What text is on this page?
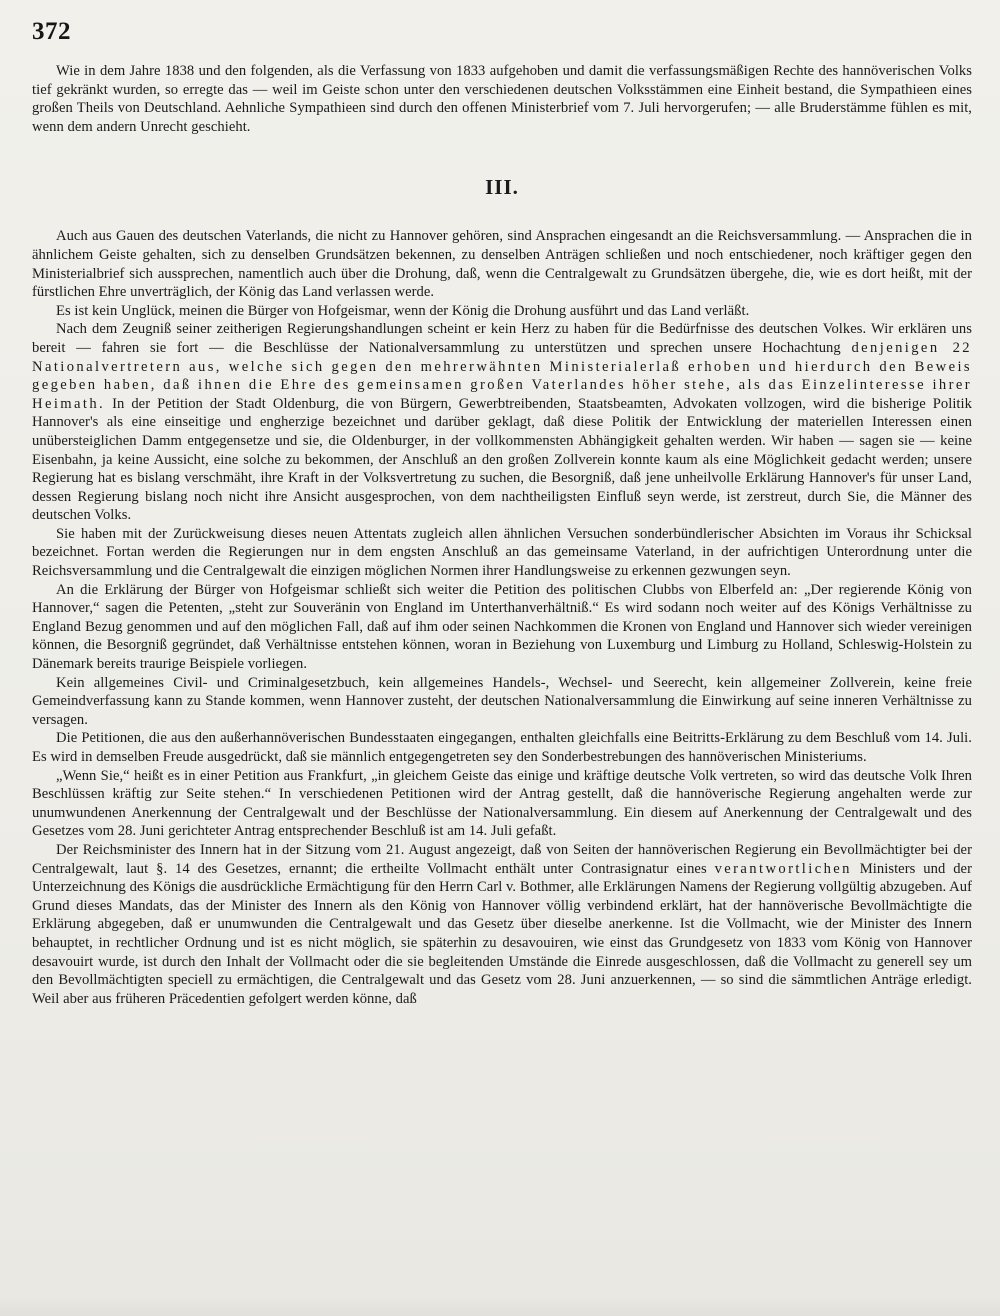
372

Wie in dem Jahre 1838 und den folgenden, als die Verfassung von 1833 aufgehoben und damit die verfassungsmäßigen Rechte des hannöverischen Volks tief gekränkt wurden, so erregte das — weil im Geiste schon unter den verschiedenen deutschen Volksstämmen eine Einheit bestand, die Sympathieen eines großen Theils von Deutschland. Aehnliche Sympathieen sind durch den offenen Ministerbrief vom 7. Juli hervorgerufen; — alle Bruderstämme fühlen es mit, wenn dem andern Unrecht geschieht.

III.

Auch aus Gauen des deutschen Vaterlands, die nicht zu Hannover gehören, sind Ansprachen eingesandt an die Reichsversammlung. — Ansprachen die in ähnlichem Geiste gehalten, sich zu denselben Grundsätzen bekennen, zu denselben Anträgen schließen und noch entschiedener, noch kräftiger gegen den Ministerialbrief sich aussprechen, namentlich auch über die Drohung, daß, wenn die Centralgewalt zu Grundsätzen übergehe, die, wie es dort heißt, mit der fürstlichen Ehre unverträglich, der König das Land verlassen werde.

Es ist kein Unglück, meinen die Bürger von Hofgeismar, wenn der König die Drohung ausführt und das Land verläßt.

Nach dem Zeugniß seiner zeitherigen Regierungshandlungen scheint er kein Herz zu haben für die Bedürfnisse des deutschen Volkes. Wir erklären uns bereit — fahren sie fort — die Beschlüsse der Nationalversammlung zu unterstützen und sprechen unsere Hochachtung denjenigen 22 Nationalvertretern aus, welche sich gegen den mehrerwähnten Ministerialerlaß erhoben und hierdurch den Beweis gegeben haben, daß ihnen die Ehre des gemeinsamen großen Vaterlandes höher stehe, als das Einzelinteresse ihrer Heimath. In der Petition der Stadt Oldenburg, die von Bürgern, Gewerbtreibenden, Staatsbeamten, Advokaten vollzogen, wird die bisherige Politik Hannover's als eine einseitige und engherzige bezeichnet und darüber geklagt, daß diese Politik der Entwicklung der materiellen Interessen einen unübersteiglichen Damm entgegensetze und sie, die Oldenburger, in der vollkommensten Abhängigkeit gehalten werden. Wir haben — sagen sie — keine Eisenbahn, ja keine Aussicht, eine solche zu bekommen, der Anschluß an den großen Zollverein konnte kaum als eine Möglichkeit gedacht werden; unsere Regierung hat es bislang verschmäht, ihre Kraft in der Volksvertretung zu suchen, die Besorgniß, daß jene unheilvolle Erklärung Hannover's für unser Land, dessen Regierung bislang noch nicht ihre Ansicht ausgesprochen, von dem nachtheiligsten Einfluß seyn werde, ist zerstreut, durch Sie, die Männer des deutschen Volks.

Sie haben mit der Zurückweisung dieses neuen Attentats zugleich allen ähnlichen Versuchen sonderbündlerischer Absichten im Voraus ihr Schicksal bezeichnet. Fortan werden die Regierungen nur in dem engsten Anschluß an das gemeinsame Vaterland, in der aufrichtigen Unterordnung unter die Reichsversammlung und die Centralgewalt die einzigen möglichen Normen ihrer Handlungsweise zu erkennen gezwungen seyn.

An die Erklärung der Bürger von Hofgeismar schließt sich weiter die Petition des politischen Clubbs von Elberfeld an: „Der regierende König von Hannover,“ sagen die Petenten, „steht zur Souveränin von England im Unterthanverhältniß.“ Es wird sodann noch weiter auf des Königs Verhältnisse zu England Bezug genommen und auf den möglichen Fall, daß auf ihm oder seinen Nachkommen die Kronen von England und Hannover sich wieder vereinigen können, die Besorgniß gegründet, daß Verhältnisse entstehen können, woran in Beziehung von Luxemburg und Limburg zu Holland, Schleswig-Holstein zu Dänemark bereits traurige Beispiele vorliegen.

Kein allgemeines Civil- und Criminalgesetzbuch, kein allgemeines Handels-, Wechsel- und Seerecht, kein allgemeiner Zollverein, keine freie Gemeindverfassung kann zu Stande kommen, wenn Hannover zusteht, der deutschen Nationalversammlung die Einwirkung auf seine inneren Verhältnisse zu versagen.

Die Petitionen, die aus den außerhannöverischen Bundesstaaten eingegangen, enthalten gleichfalls eine Beitritts-Erklärung zu dem Beschluß vom 14. Juli. Es wird in demselben Freude ausgedrückt, daß sie männlich entgegengetreten sey den Sonderbestrebungen des hannöverischen Ministeriums.

„Wenn Sie,“ heißt es in einer Petition aus Frankfurt, „in gleichem Geiste das einige und kräftige deutsche Volk vertreten, so wird das deutsche Volk Ihren Beschlüssen kräftig zur Seite stehen.“ In verschiedenen Petitionen wird der Antrag gestellt, daß die hannöverische Regierung angehalten werde zur unumwundenen Anerkennung der Centralgewalt und der Beschlüsse der Nationalversammlung. Ein diesem auf Anerkennung der Centralgewalt und des Gesetzes vom 28. Juni gerichteter Antrag entsprechender Beschluß ist am 14. Juli gefaßt.

Der Reichsminister des Innern hat in der Sitzung vom 21. August angezeigt, daß von Seiten der hannöverischen Regierung ein Bevollmächtigter bei der Centralgewalt, laut §. 14 des Gesetzes, ernannt; die ertheilte Vollmacht enthält unter Contrasignatur eines verantwortlichen Ministers und der Unterzeichnung des Königs die ausdrückliche Ermächtigung für den Herrn Carl v. Bothmer, alle Erklärungen Namens der Regierung vollgültig abzugeben. Auf Grund dieses Mandats, das der Minister des Innern als den König von Hannover völlig verbindend erklärt, hat der hannöverische Bevollmächtigte die Erklärung abgegeben, daß er unumwunden die Centralgewalt und das Gesetz über dieselbe anerkenne. Ist die Vollmacht, wie der Minister des Innern behauptet, in rechtlicher Ordnung und ist es nicht möglich, sie späterhin zu desavouiren, wie einst das Grundgesetz von 1833 vom König von Hannover desavouirt wurde, ist durch den Inhalt der Vollmacht oder die sie begleitenden Umstände die Einrede ausgeschlossen, daß die Vollmacht zu generell sey um den Bevollmächtigten speciell zu ermächtigen, die Centralgewalt und das Gesetz vom 28. Juni anzuerkennen, — so sind die sämmtlichen Anträge erledigt. Weil aber aus früheren Präcedentien gefolgert werden könne, daß
